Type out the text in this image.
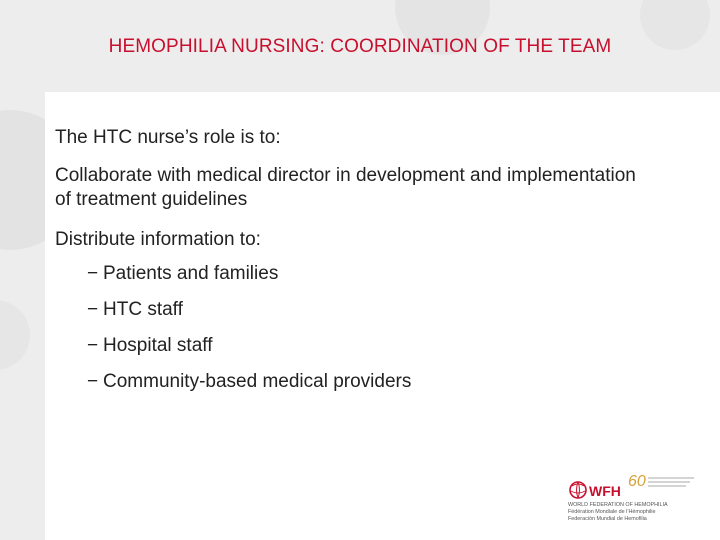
HEMOPHILIA NURSING: COORDINATION OF THE TEAM

The HTC nurse’s role is to:

Collaborate with medical director in development and implementation of treatment guidelines

Distribute information to:

− Patients and families
− HTC staff
− Hospital staff
− Community-based medical providers
WFH
60
WORLD FEDERATION OF HEMOPHILIA
Fédération Mondiale de l’Hémophilie
Federación Mundial de Hemofilia
